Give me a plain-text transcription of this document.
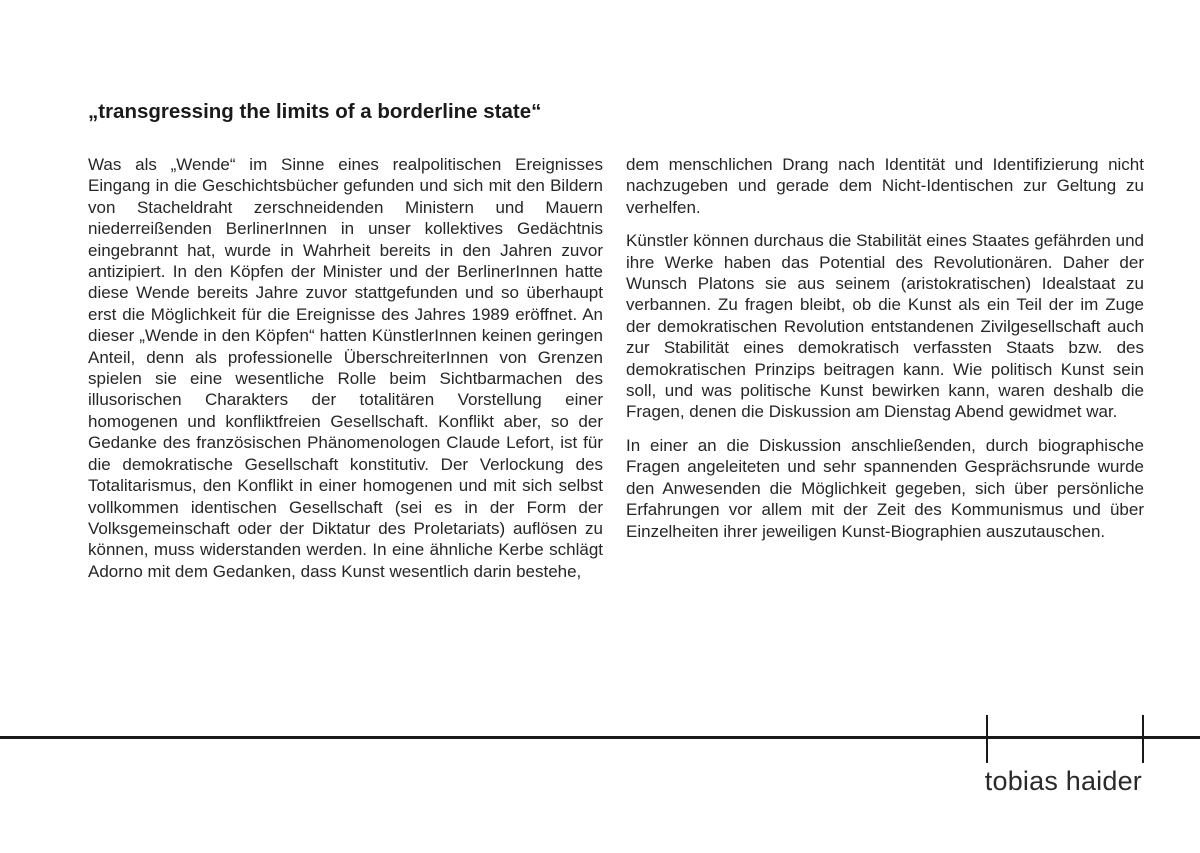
„transgressing the limits of a borderline state“

Was als „Wende“ im Sinne eines realpolitischen Ereignisses Eingang in die Geschichtsbücher gefunden und sich mit den Bildern von Stacheldraht zerschneidenden Ministern und Mauern niederreißenden BerlinerInnen in unser kollektives Gedächtnis eingebrannt hat, wurde in Wahrheit bereits in den Jahren zuvor antizipiert. In den Köpfen der Minister und der BerlinerInnen hatte diese Wende bereits Jahre zuvor stattgefunden und so überhaupt erst die Möglichkeit für die Ereignisse des Jahres 1989 eröffnet. An dieser „Wende in den Köpfen“ hatten KünstlerInnen keinen geringen Anteil, denn als professionelle ÜberschreiterInnen von Grenzen spielen sie eine wesentliche Rolle beim Sichtbarmachen des illusorischen Charakters der totalitären Vorstellung einer homogenen und konfliktfreien Gesellschaft. Konflikt aber, so der Gedanke des französischen Phänomenologen Claude Lefort, ist für die demokratische Gesellschaft konstitutiv. Der Verlockung des Totalitarismus, den Konflikt in einer homogenen und mit sich selbst vollkommen identischen Gesellschaft (sei es in der Form der Volksgemeinschaft oder der Diktatur des Proletariats) auflösen zu können, muss widerstanden werden. In eine ähnliche Kerbe schlägt Adorno mit dem Gedanken, dass Kunst wesentlich darin bestehe,

dem menschlichen Drang nach Identität und Identifizierung nicht nachzugeben und gerade dem Nicht-Identischen zur Geltung zu verhelfen.

Künstler können durchaus die Stabilität eines Staates gefährden und ihre Werke haben das Potential des Revolutionären. Daher der Wunsch Platons sie aus seinem (aristokratischen) Idealstaat zu verbannen. Zu fragen bleibt, ob die Kunst als ein Teil der im Zuge der demokratischen Revolution entstandenen Zivilgesellschaft auch zur Stabilität eines demokratisch verfassten Staats bzw. des demokratischen Prinzips beitragen kann. Wie politisch Kunst sein soll, und was politische Kunst bewirken kann, waren deshalb die Fragen, denen die Diskussion am Dienstag Abend gewidmet war.

In einer an die Diskussion anschließenden, durch biographische Fragen angeleiteten und sehr spannenden Gesprächsrunde wurde den Anwesenden die Möglichkeit gegeben, sich über persönliche Erfahrungen vor allem mit der Zeit des Kommunismus und über Einzelheiten ihrer jeweiligen Kunst-Biographien auszutauschen.

tobias haider
